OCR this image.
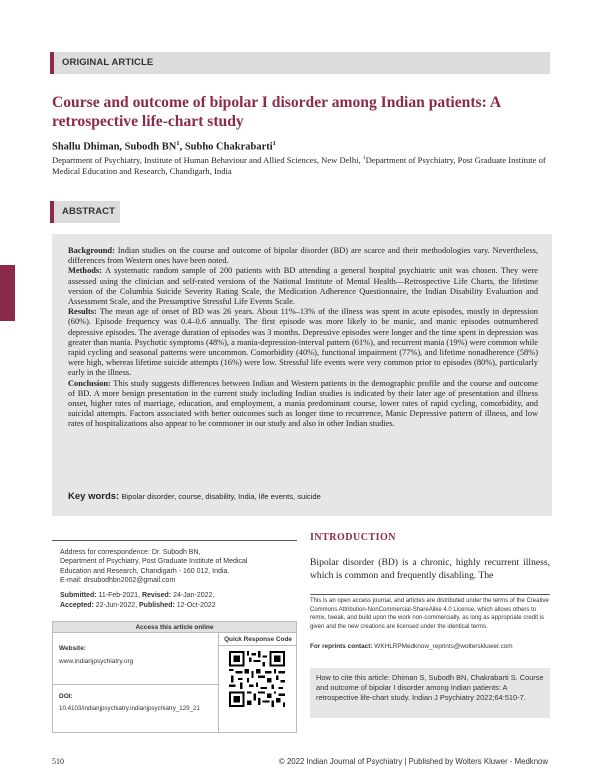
ORIGINAL ARTICLE
Course and outcome of bipolar I disorder among Indian patients: A retrospective life-chart study
Shallu Dhiman, Subodh $BN^1$, Subho Chakrabarti$^1$
Department of Psychiatry, Institute of Human Behaviour and Allied Sciences, New Delhi, $^1$Department of Psychiatry, Post Graduate Institute of Medical Education and Research, Chandigarh, India
ABSTRACT

Background: Indian studies on the course and outcome of bipolar disorder (BD) are scarce and their methodologies vary. Nevertheless, differences from Western ones have been noted.

Methods: A systematic random sample of 200 patients with BD attending a general hospital psychiatric unit was chosen. They were assessed using the clinician and self-rated versions of the National Institute of Mental Health—Retrospective Life Charts, the lifetime version of the Columbia Suicide Severity Rating Scale, the Medication Adherence Questionnaire, the Indian Disability Evaluation and Assessment Scale, and the Presumptive Stressful Life Events Scale.

Results: The mean age of onset of BD was 26 years. About 11%–13% of the illness was spent in acute episodes, mostly in depression (60%). Episode frequency was 0.4–0.6 annually. The first episode was more likely to be manic, and manic episodes outnumbered depressive episodes. The average duration of episodes was 3 months. Depressive episodes were longer and the time spent in depression was greater than mania. Psychotic symptoms (48%), a mania-depression-interval pattern (61%), and recurrent mania (19%) were common while rapid cycling and seasonal patterns were uncommon. Comorbidity (40%), functional impairment (77%), and lifetime nonadherence (58%) were high, whereas lifetime suicide attempts (16%) were low. Stressful life events were very common prior to episodes (80%), particularly early in the illness.

Conclusion: This study suggests differences between Indian and Western patients in the demographic profile and the course and outcome of BD. A more benign presentation in the current study including Indian studies is indicated by their later age of presentation and illness onset, higher rates of marriage, education, and employment, a mania predominant course, lower rates of rapid cycling, comorbidity, and suicidal attempts. Factors associated with better outcomes such as longer time to recurrence, Manic Depressive pattern of illness, and low rates of hospitalizations also appear to be commoner in our study and also in other Indian studies.

Key words: Bipolar disorder, course, disability, India, life events, suicide
INTRODUCTION
Bipolar disorder (BD) is a chronic, highly recurrent illness, which is common and frequently disabling. The
Address for correspondence: Dr. Subodh BN,
Department of Psychiatry, Post Graduate Institute of Medical
Education and Research, Chandigarh - 160 012, India.
E-mail: drsubodhbn2002@gmail.com
Submitted: 11-Feb-2021, Revised: 24-Jan-2022,
Accepted: 22-Jun-2022, Published: 12-Oct-2022
Access this article online
Quick Response Code
Website:
www.indianjpsychiatry.org
DOI:
10.4103/indianjpsychiatry.indianjpsychiatry_129_21
This is an open access journal, and articles are distributed under the terms of the Creative Commons Attribution-NonCommercial-ShareAlike 4.0 License, which allows others to remix, tweak, and build upon the work non-commercially, as long as appropriate credit is given and the new creations are licensed under the identical terms.
For reprints contact: WKHLRPMedknow_reprints@wolterskluwer.com
How to cite this article: Dhiman S, Subodh BN, Chakrabarti S. Course and outcome of bipolar I disorder among Indian patients: A retrospective life-chart study. Indian J Psychiatry 2022;64:510-7.
510	© 2022 Indian Journal of Psychiatry | Published by Wolters Kluwer - Medknow
